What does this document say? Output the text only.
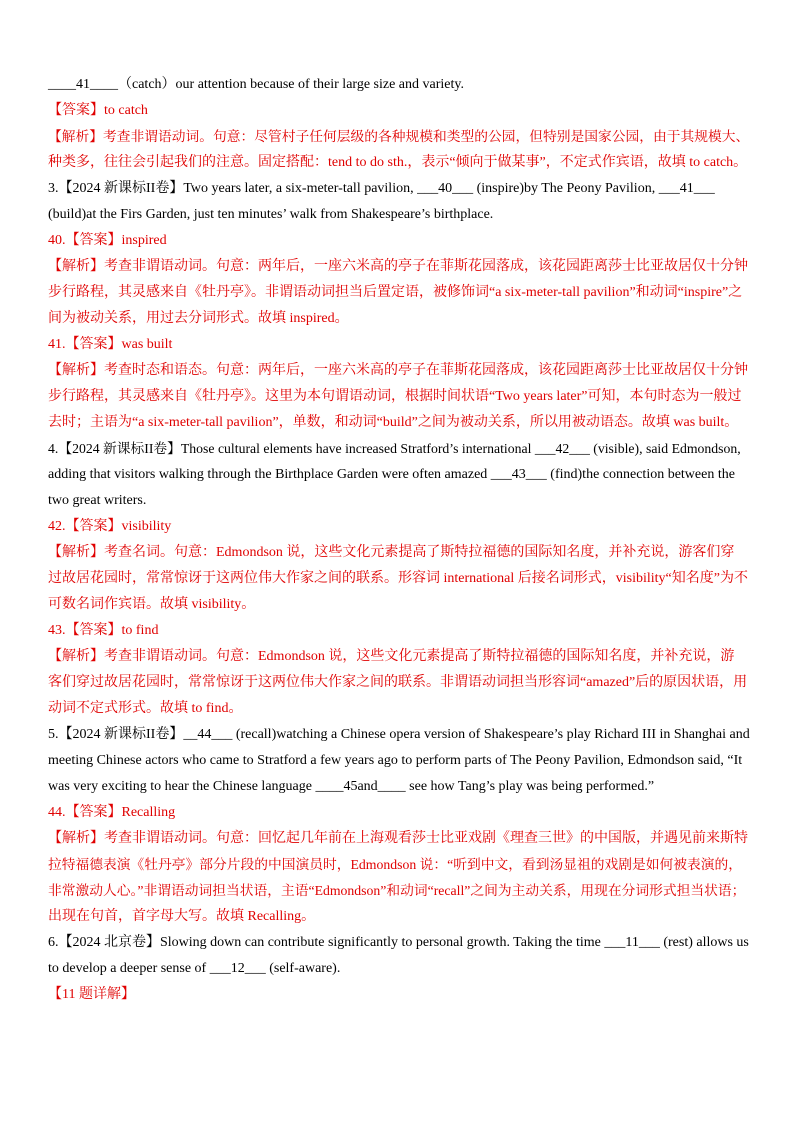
____41____（catch）our attention because of their large size and variety.
【答案】to catch
【解析】考查非谓语动词。句意：尽管村子任何层级的各种规模和类型的公园，但特别是国家公园，由于其规模大、
种类多，往往会引起我们的注意。固定搭配：tend to do sth.，表示“倾向于做某事”，不定式作宾语，故填 to catch。
3.【2024 新课标II卷】Two years later, a six-meter-tall pavilion, ___40___ (inspire)by The Peony Pavilion, ___41___
(build)at the Firs Garden, just ten minutes’ walk from Shakespeare’s birthplace.
40.【答案】inspired
【解析】考查非谓语动词。句意：两年后，一座六米高的亭子在菲斯花园落成，该花园距离莎士比亚故居仅十分钟
步行路程，其灵感来自《牡丹亭》。非谓语动词担当后置定语，被修饰词“a six-meter-tall pavilion”和动词“inspire”之
间为被动关系，用过去分词形式。故填 inspired。
41.【答案】was built
【解析】考查时态和语态。句意：两年后，一座六米高的亭子在菲斯花园落成，该花园距离莎士比亚故居仅十分钟
步行路程，其灵感来自《牡丹亭》。这里为本句谓语动词，根据时间状语“Two years later”可知，本句时态为一般过
去时；主语为“a six-meter-tall pavilion”，单数，和动词“build”之间为被动关系，所以用被动语态。故填 was built。
4.【2024 新课标II卷】Those cultural elements have increased Stratford’s international ___42___ (visible), said Edmondson,
adding that visitors walking through the Birthplace Garden were often amazed ___43___ (find)the connection between the
two great writers.
42.【答案】visibility
【解析】考查名词。句意：Edmondson 说，这些文化元素提高了斯特拉福德的国际知名度，并补充说，游客们穿
过故居花园时，常常惊讶于这两位伟大作家之间的联系。形容词 international 后接名词形式，visibility“知名度”为不
可数名词作宾语。故填 visibility。
43.【答案】to find
【解析】考查非谓语动词。句意：Edmondson 说，这些文化元素提高了斯特拉福德的国际知名度，并补充说，游
客们穿过故居花园时，常常惊讶于这两位伟大作家之间的联系。非谓语动词担当形容词“amazed”后的原因状语，用
动词不定式形式。故填 to find。
5.【2024 新课标II卷】__44___ (recall)watching a Chinese opera version of Shakespeare’s play Richard III in Shanghai and
meeting Chinese actors who came to Stratford a few years ago to perform parts of The Peony Pavilion, Edmondson said, “It
was very exciting to hear the Chinese language ____45and____ see how Tang’s play was being performed.”
44.【答案】Recalling
【解析】考查非谓语动词。句意：回忆起几年前在上海观看莎士比亚戏剧《理查三世》的中国版，并遇见前来斯特
拉特福德表演《牡丹亭》部分片段的中国演员时，Edmondson 说：“听到中文，看到汤显祖的戏剧是如何被表演的，
非常激动人心。”非谓语动词担当状语，主语“Edmondson”和动词“recall”之间为主动关系，用现在分词形式担当状语；
出现在句首，首字母大写。故填 Recalling。
6.【2024 北京卷】Slowing down can contribute significantly to personal growth. Taking the time ___11___ (rest) allows us
to develop a deeper sense of ___12___ (self-aware).
【11 题详解】
